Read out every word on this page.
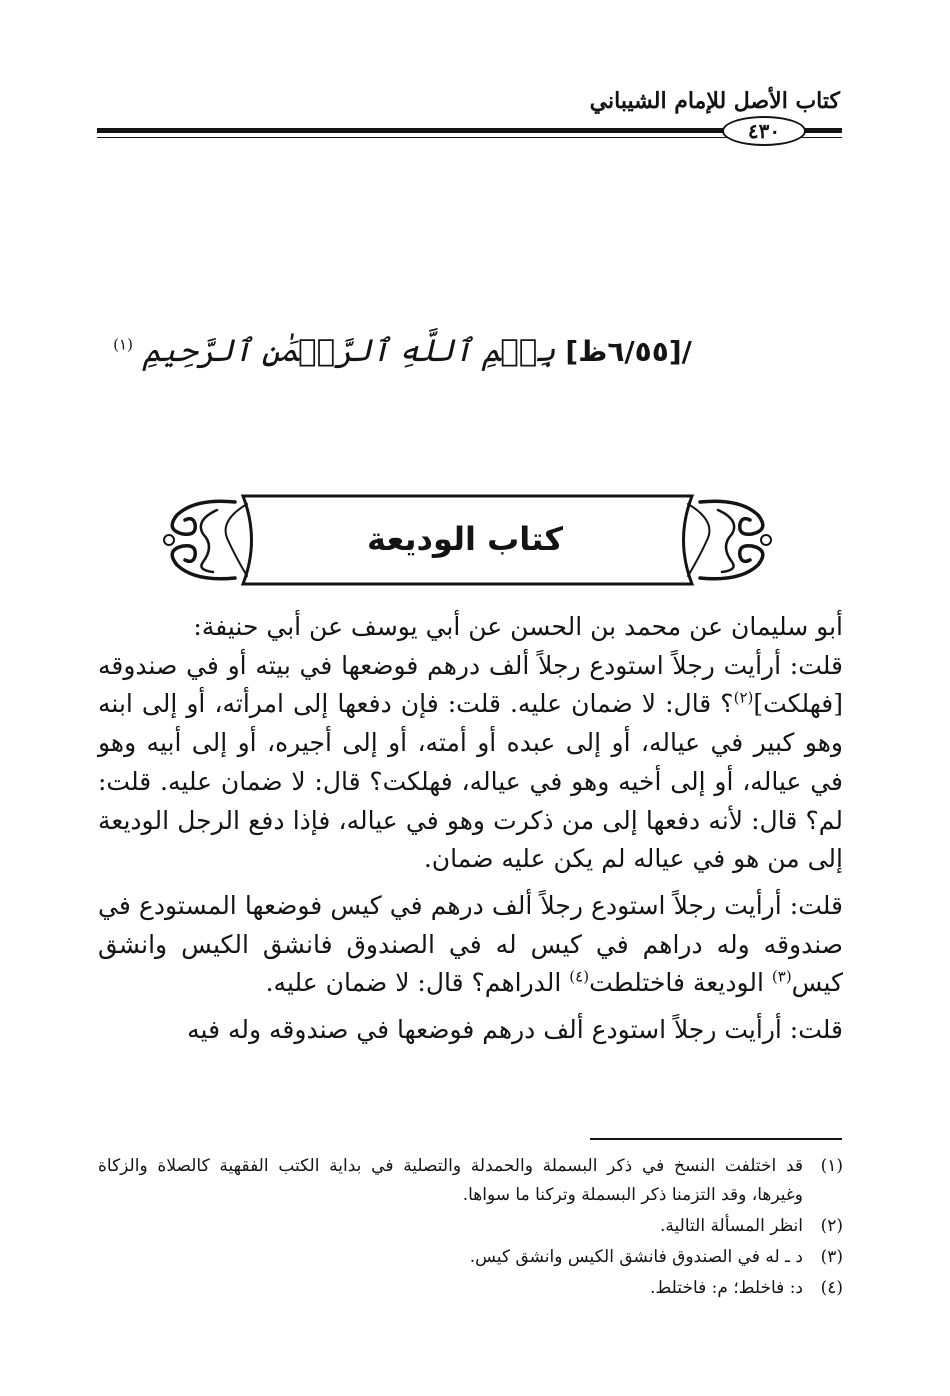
كتاب الأصل للإمام الشيباني
٤٣٠
/[٦/٥٥ظ] بِسۡمِ ٱللَّهِ ٱلرَّحۡمَٰنِ ٱلرَّحِيمِ $^{(١)}$
كتاب الوديعة

أبو سليمان عن محمد بن الحسن عن أبي يوسف عن أبي حنيفة:

قلت: أرأيت رجلاً استودع رجلاً ألف درهم فوضعها في بيته أو في صندوقه [فهلكت]$^{(٢)}$؟ قال: لا ضمان عليه. قلت: فإن دفعها إلى امرأته، أو إلى ابنه وهو كبير في عياله، أو إلى عبده أو أمته، أو إلى أجيره، أو إلى أبيه وهو في عياله، أو إلى أخيه وهو في عياله، فهلكت؟ قال: لا ضمان عليه. قلت: لم؟ قال: لأنه دفعها إلى من ذكرت وهو في عياله، فإذا دفع الرجل الوديعة إلى من هو في عياله لم يكن عليه ضمان.

قلت: أرأيت رجلاً استودع رجلاً ألف درهم في كيس فوضعها المستودع في صندوقه وله دراهم في كيس له في الصندوق فانشق الكيس وانشق كيس$^{(٣)}$ الوديعة فاختلطت$^{(٤)}$ الدراهم؟ قال: لا ضمان عليه.

قلت: أرأيت رجلاً استودع ألف درهم فوضعها في صندوقه وله فيه

(١)
قد اختلفت النسخ في ذكر البسملة والحمدلة والتصلية في بداية الكتب الفقهية كالصلاة والزكاة وغيرها، وقد التزمنا ذكر البسملة وتركنا ما سواها.
(٢)
انظر المسألة التالية.
(٣)
د ـ له في الصندوق فانشق الكيس وانشق كيس.
(٤)
د: فاخلط؛ م: فاختلط.
